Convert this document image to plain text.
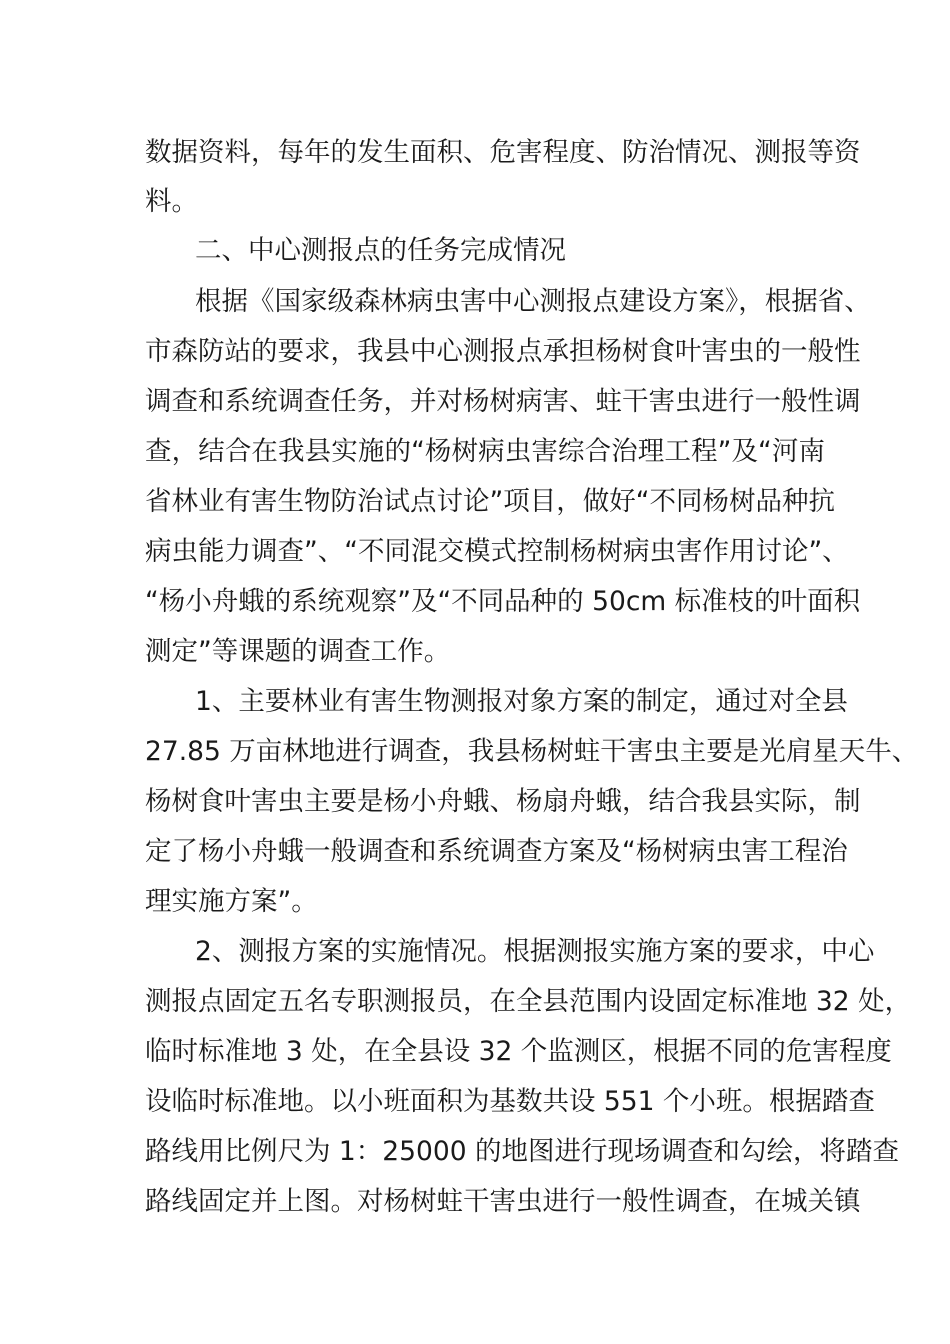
数据资料，每年的发生面积、危害程度、防治情况、测报等资
料。
二、中心测报点的任务完成情况
根据《国家级森林病虫害中心测报点建设方案》，根据省、
市森防站的要求，我县中心测报点承担杨树食叶害虫的一般性
调查和系统调查任务，并对杨树病害、蛀干害虫进行一般性调
查，结合在我县实施的“杨树病虫害综合治理工程”及“河南
省林业有害生物防治试点讨论”项目，做好“不同杨树品种抗
病虫能力调查”、“不同混交模式控制杨树病虫害作用讨论”、
“杨小舟蛾的系统观察”及“不同品种的 50cm 标准枝的叶面积
测定”等课题的调查工作。
1、主要林业有害生物测报对象方案的制定，通过对全县
27.85 万亩林地进行调查，我县杨树蛀干害虫主要是光肩星天牛、
杨树食叶害虫主要是杨小舟蛾、杨扇舟蛾，结合我县实际，制
定了杨小舟蛾一般调查和系统调查方案及“杨树病虫害工程治
理实施方案”。
2、测报方案的实施情况。根据测报实施方案的要求，中心
测报点固定五名专职测报员，在全县范围内设固定标准地 32 处，
临时标准地 3 处，在全县设 32 个监测区，根据不同的危害程度
设临时标准地。以小班面积为基数共设 551 个小班。根据踏查
路线用比例尺为 1：25000 的地图进行现场调查和勾绘，将踏查
路线固定并上图。对杨树蛀干害虫进行一般性调查，在城关镇
